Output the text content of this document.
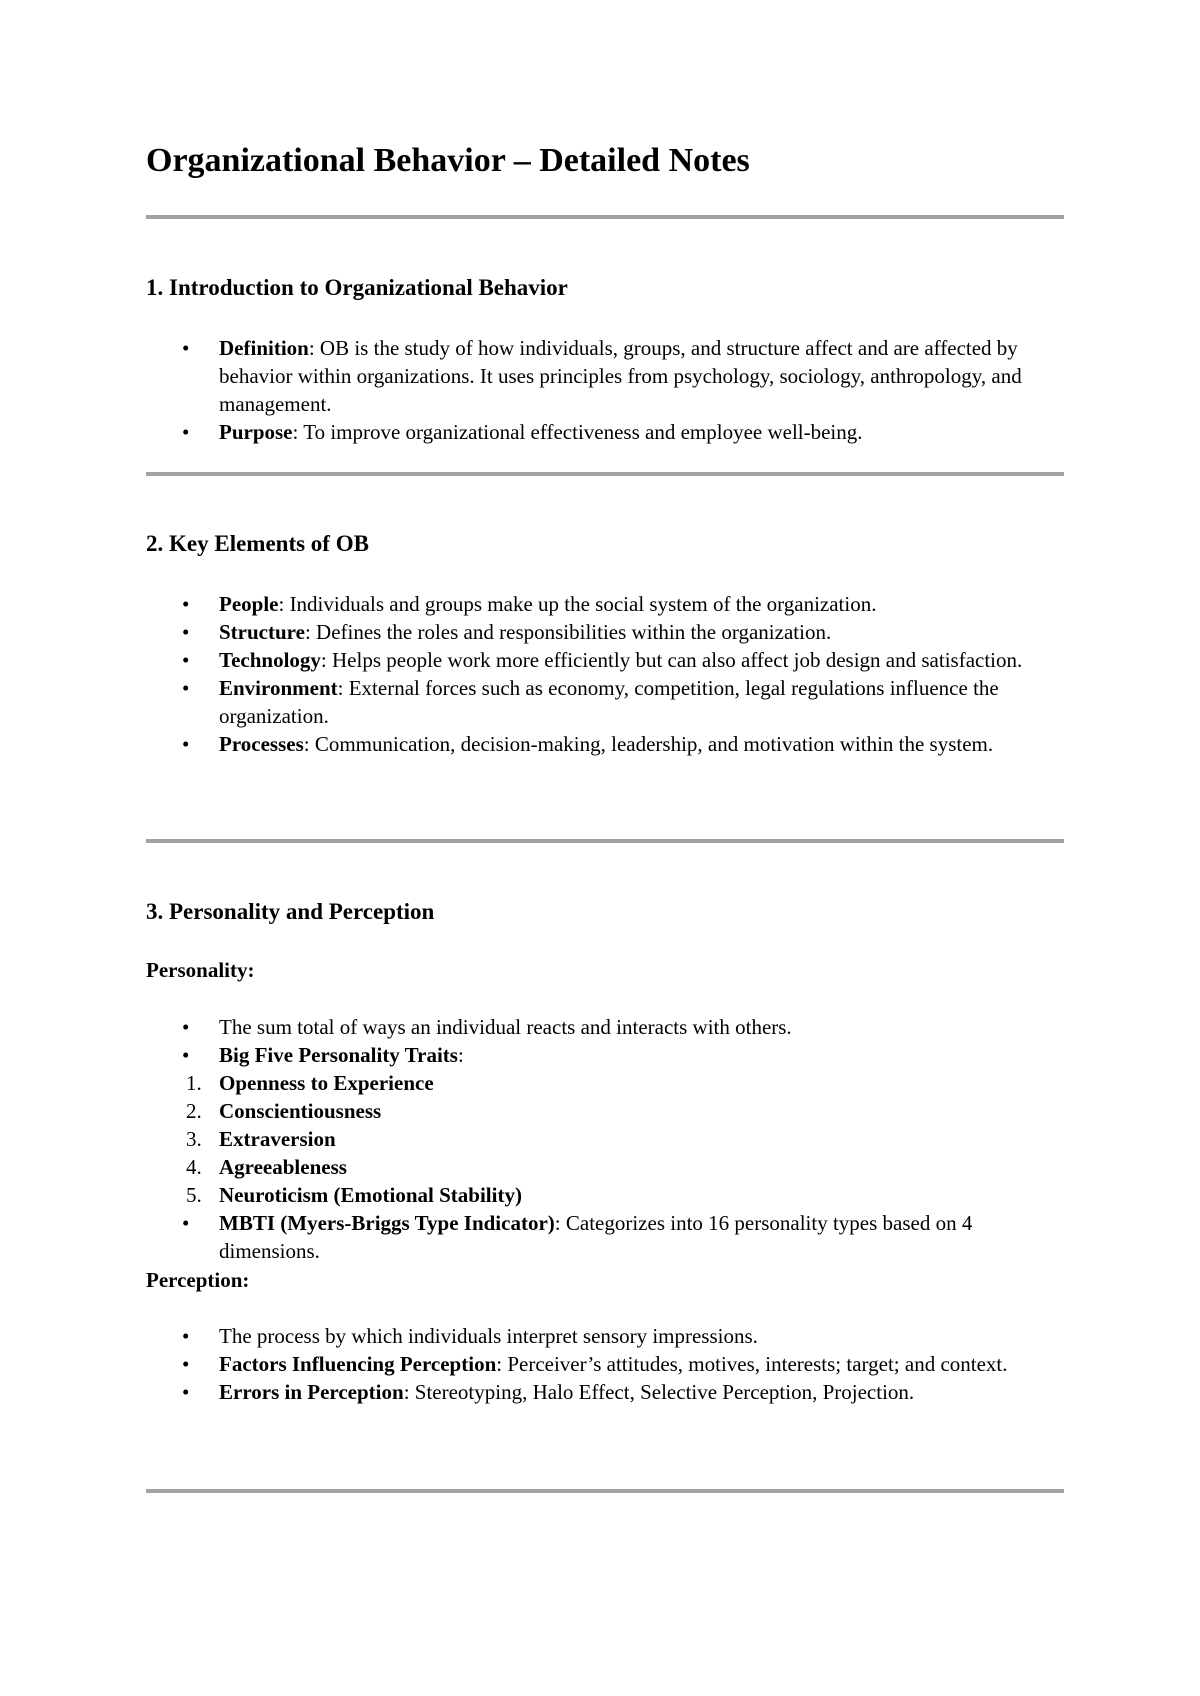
Organizational Behavior – Detailed Notes
1. Introduction to Organizational Behavior
• Definition: OB is the study of how individuals, groups, and structure affect and are affected by behavior within organizations. It uses principles from psychology, sociology, anthropology, and management.
• Purpose: To improve organizational effectiveness and employee well-being.
2. Key Elements of OB
• People: Individuals and groups make up the social system of the organization.
• Structure: Defines the roles and responsibilities within the organization.
• Technology: Helps people work more efficiently but can also affect job design and satisfaction.
• Environment: External forces such as economy, competition, legal regulations influence the organization.
• Processes: Communication, decision-making, leadership, and motivation within the system.
3. Personality and Perception
Personality:
• The sum total of ways an individual reacts and interacts with others.
• Big Five Personality Traits:
1. Openness to Experience
2. Conscientiousness
3. Extraversion
4. Agreeableness
5. Neuroticism (Emotional Stability)
• MBTI (Myers-Briggs Type Indicator): Categorizes into 16 personality types based on 4 dimensions.
Perception:
• The process by which individuals interpret sensory impressions.
• Factors Influencing Perception: Perceiver’s attitudes, motives, interests; target; and context.
• Errors in Perception: Stereotyping, Halo Effect, Selective Perception, Projection.
